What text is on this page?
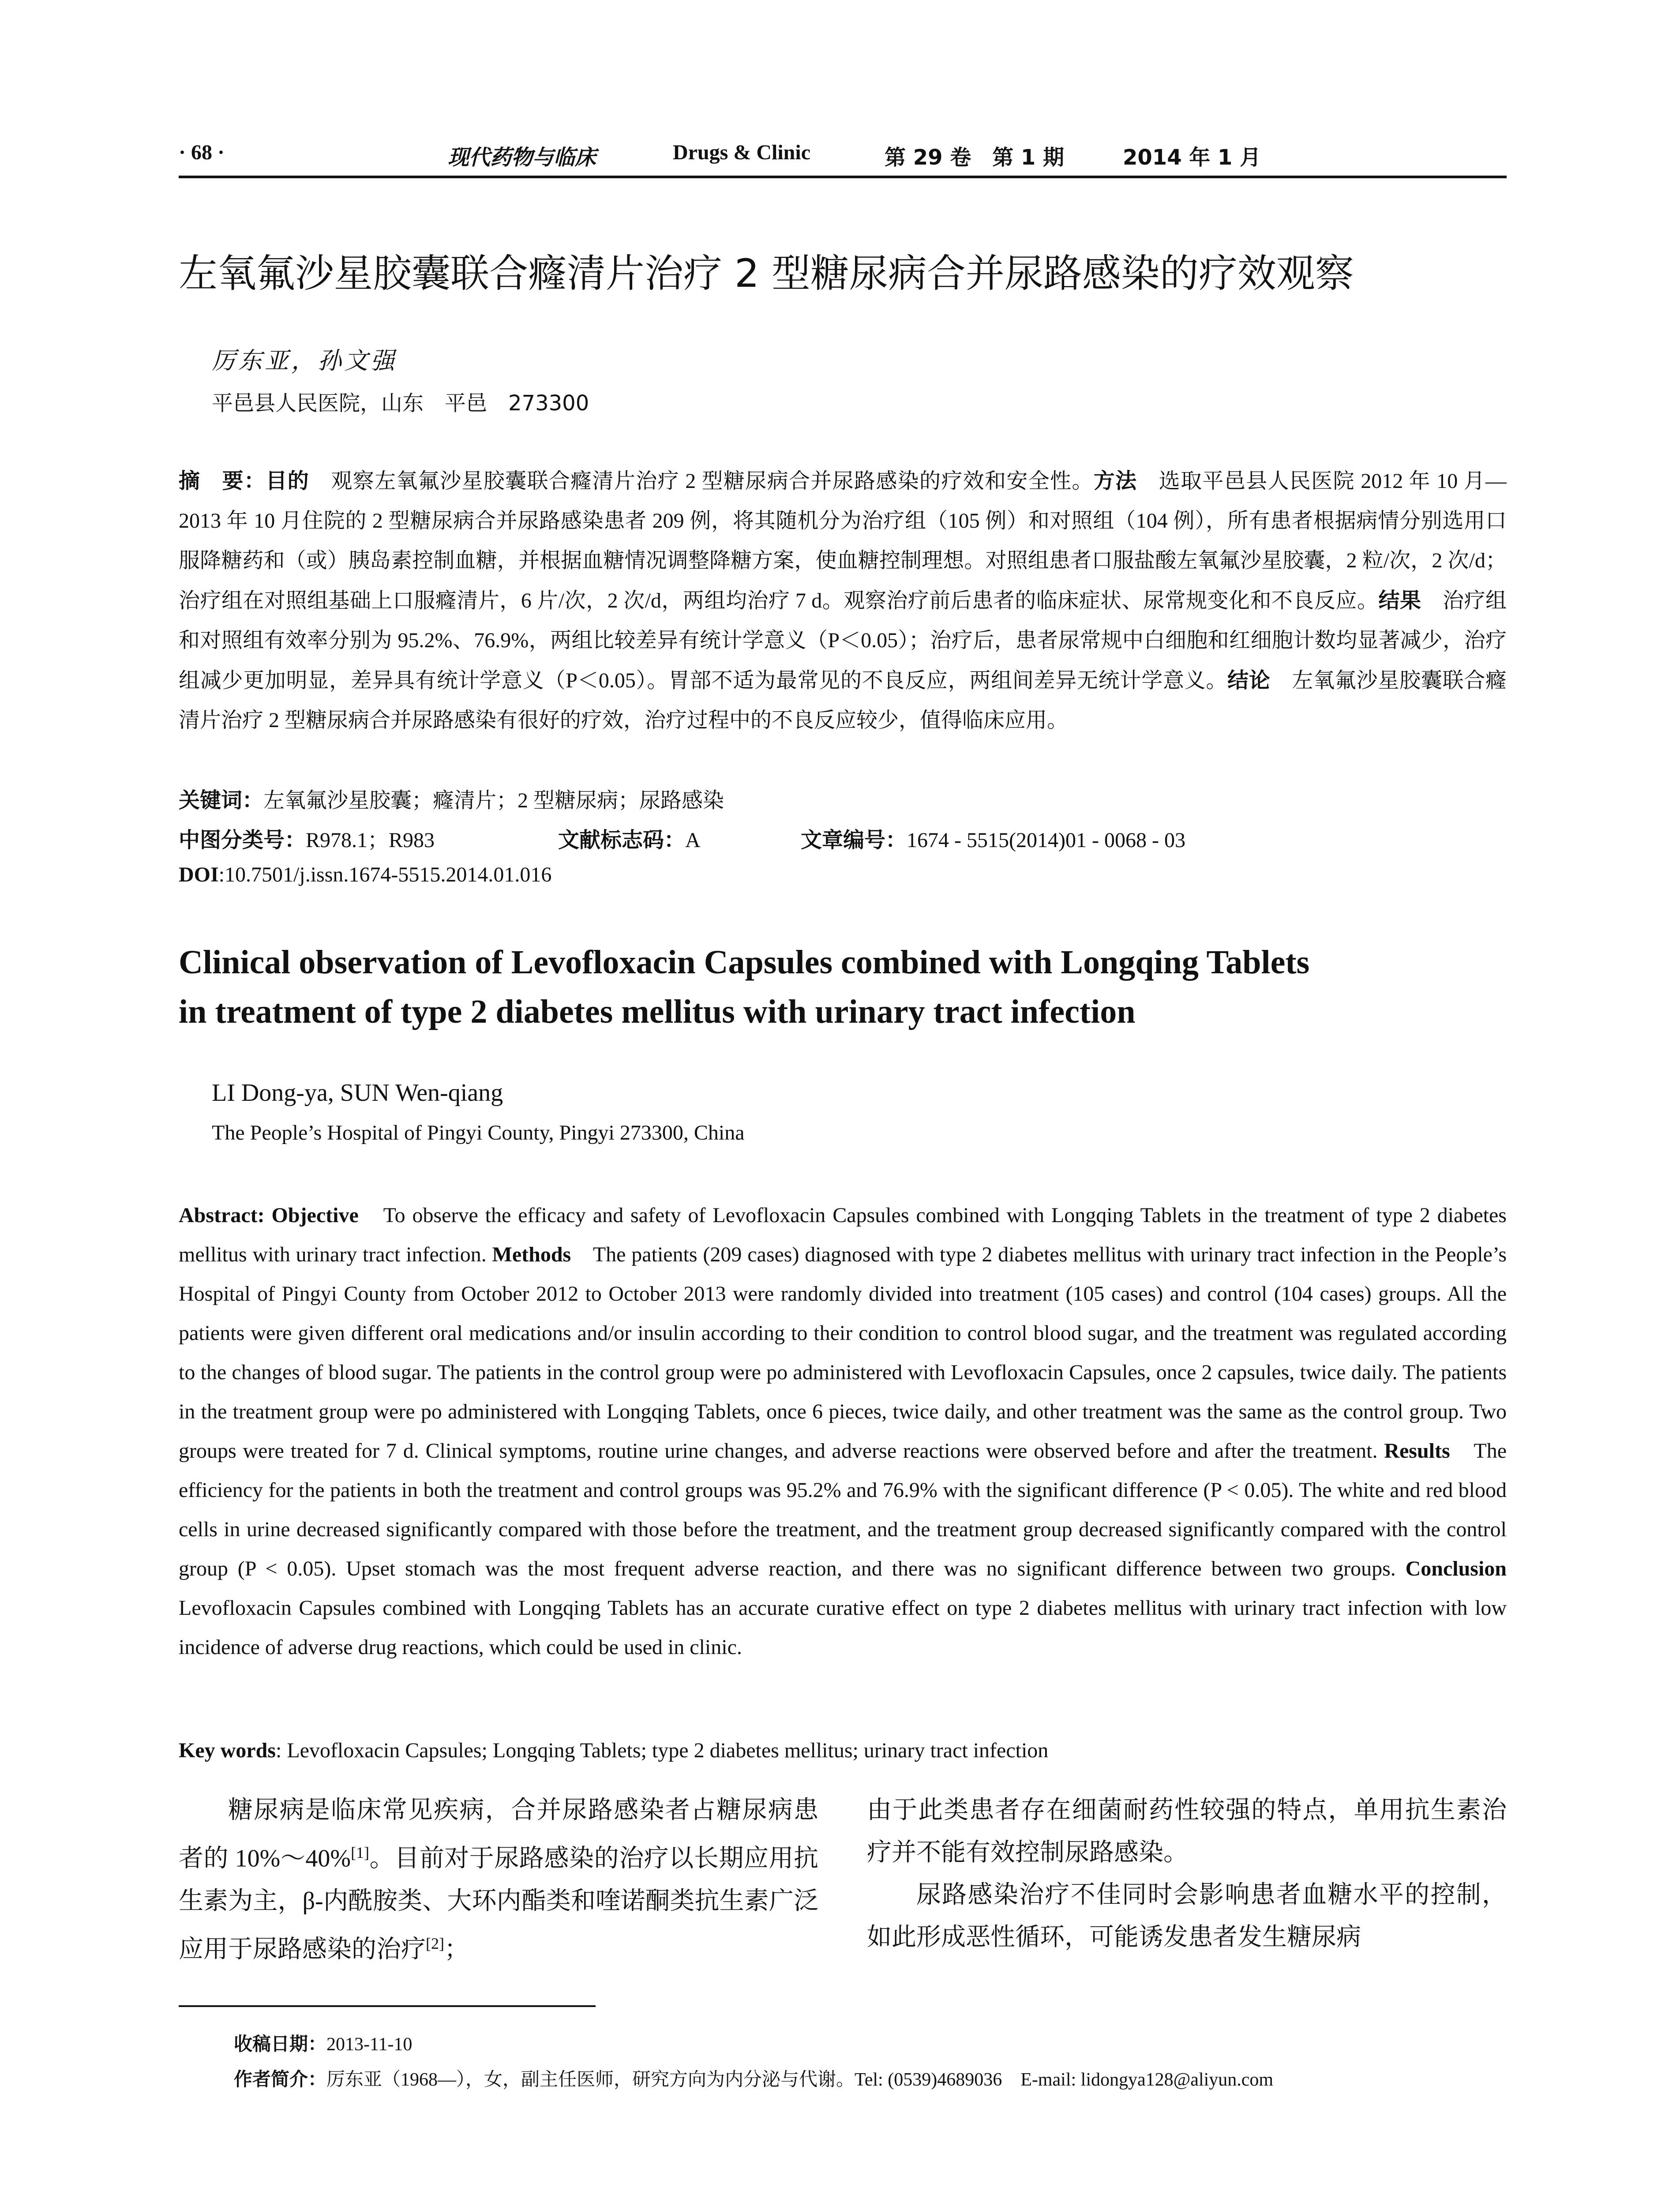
· 68 ·	现代药物与临床	Drugs & Clinic	第 29 卷　第 1 期	2014 年 1 月
左氧氟沙星胶囊联合癃清片治疗 2 型糖尿病合并尿路感染的疗效观察
厉东亚，孙文强
平邑县人民医院，山东　平邑　273300
摘　要：目的　 观察左氧氟沙星胶囊联合癃清片治疗 2 型糖尿病合并尿路感染的疗效和安全性。方法　 选取平邑县人民医院 2012 年 10 月—2013 年 10 月住院的 2 型糖尿病合并尿路感染患者 209 例，将其随机分为治疗组（105 例）和对照组（104 例），所有患者根据病情分别选用口服降糖药和（或）胰岛素控制血糖，并根据血糖情况调整降糖方案，使血糖控制理想。对照组患者口服盐酸左氧氟沙星胶囊，2 粒/次，2 次/d；治疗组在对照组基础上口服癃清片，6 片/次，2 次/d，两组均治疗 7 d。观察治疗前后患者的临床症状、尿常规变化和不良反应。结果　 治疗组和对照组有效率分别为 95.2%、76.9%，两组比较差异有统计学意义（P＜0.05）；治疗后，患者尿常规中白细胞和红细胞计数均显著减少，治疗组减少更加明显，差异具有统计学意义（P＜0.05）。胃部不适为最常见的不良反应，两组间差异无统计学意义。结论　 左氧氟沙星胶囊联合癃清片治疗 2 型糖尿病合并尿路感染有很好的疗效，治疗过程中的不良反应较少，值得临床应用。
关键词：左氧氟沙星胶囊；癃清片；2 型糖尿病；尿路感染
中图分类号：R978.1；R983	文献标志码：A	文章编号：1674 - 5515(2014)01 - 0068 - 03
DOI:10.7501/j.issn.1674-5515.2014.01.016
Clinical observation of Levofloxacin Capsules combined with Longqing Tablets
in treatment of type 2 diabetes mellitus with urinary tract infection
LI Dong-ya, SUN Wen-qiang
The People’s Hospital of Pingyi County, Pingyi 273300, China
Abstract: Objective　 To observe the efficacy and safety of Levofloxacin Capsules combined with Longqing Tablets in the treatment of type 2 diabetes mellitus with urinary tract infection. Methods　 The patients (209 cases) diagnosed with type 2 diabetes mellitus with urinary tract infection in the People’s Hospital of Pingyi County from October 2012 to October 2013 were randomly divided into treatment (105 cases) and control (104 cases) groups. All the patients were given different oral medications and/or insulin according to their condition to control blood sugar, and the treatment was regulated according to the changes of blood sugar. The patients in the control group were po administered with Levofloxacin Capsules, once 2 capsules, twice daily. The patients in the treatment group were po administered with Longqing Tablets, once 6 pieces, twice daily, and other treatment was the same as the control group. Two groups were treated for 7 d. Clinical symptoms, routine urine changes, and adverse reactions were observed before and after the treatment. Results　 The efficiency for the patients in both the treatment and control groups was 95.2% and 76.9% with the significant difference (P < 0.05). The white and red blood cells in urine decreased significantly compared with those before the treatment, and the treatment group decreased significantly compared with the control group (P < 0.05). Upset stomach was the most frequent adverse reaction, and there was no significant difference between two groups. Conclusion　Levofloxacin Capsules combined with Longqing Tablets has an accurate curative effect on type 2 diabetes mellitus with urinary tract infection with low incidence of adverse drug reactions, which could be used in clinic.
Key words: Levofloxacin Capsules; Longqing Tablets; type 2 diabetes mellitus; urinary tract infection

糖尿病是临床常见疾病，合并尿路感染者占糖尿病患者的 10%～40%[1]。目前对于尿路感染的治疗以长期应用抗生素为主，β-内酰胺类、大环内酯类和喹诺酮类抗生素广泛应用于尿路感染的治疗[2]；

由于此类患者存在细菌耐药性较强的特点，单用抗生素治疗并不能有效控制尿路感染。

尿路感染治疗不佳同时会影响患者血糖水平的控制，如此形成恶性循环，可能诱发患者发生糖尿病

收稿日期：2013-11-10
作者简介：厉东亚（1968—），女，副主任医师，研究方向为内分泌与代谢。Tel: (0539)4689036　E-mail: lidongya128@aliyun.com
